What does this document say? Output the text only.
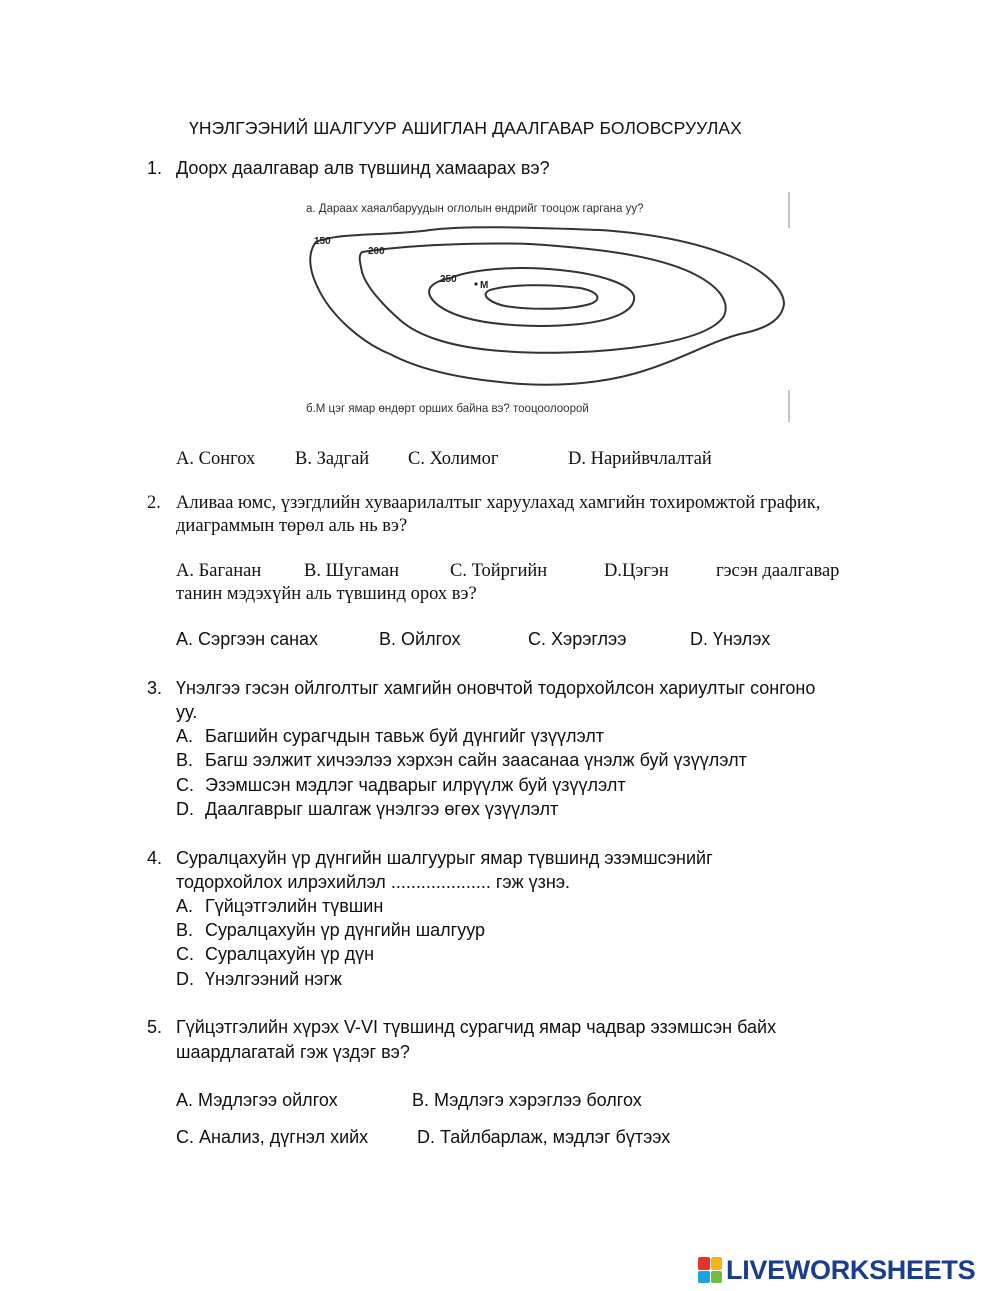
ҮНЭЛГЭЭНИЙ ШАЛГУУР АШИГЛАН ДААЛГАВАР БОЛОВСРУУЛАХ
1. Доорх даалгавар алв түвшинд хамаарах вэ?
а. Дараах хаяалбаруудын оглолын өндрийг тооцож гаргана уу?
б.М цэг ямар өндөрт орших байна вэ? тооцоолоорой
150
200
250
М
A. Сонгох B. Задгай C. Холимог	D. Нарийвчлалтай
2. Аливаа юмс, үзэгдлийн хуваарилалтыг харуулахад хамгийн тохиромжтой график,
диаграммын төрөл аль нь вэ?
A. Баганан B. Шугаман	C. Тойргийн	D.Цэгэн	гэсэн даалгавар
танин мэдэхүйн аль түвшинд орох вэ?
A. Сэргээн санах	B. Ойлгох	C. Хэрэглээ	D. Үнэлэх
3. Үнэлгээ гэсэн ойлголтыг хамгийн оновчтой тодорхойлсон хариултыг сонгоно
уу.
A. Багшийн сурагчдын тавьж буй дүнгийг үзүүлэлт
B. Багш ээлжит хичээлээ хэрхэн сайн заасанаа үнэлж буй үзүүлэлт
C. Эзэмшсэн мэдлэг чадварыг илрүүлж буй үзүүлэлт
D. Даалгаврыг шалгаж үнэлгээ өгөх үзүүлэлт
4. Суралцахуйн үр дүнгийн шалгуурыг ямар түвшинд эзэмшсэнийг
тодорхойлох илрэхийлэл .................... гэж үзнэ.
A. Гүйцэтгэлийн түвшин
B. Суралцахуйн үр дүнгийн шалгуур
C. Суралцахуйн үр дүн
D. Үнэлгээний нэгж
5. Гүйцэтгэлийн хүрэх V-VI түвшинд сурагчид ямар чадвар эзэмшсэн байх
шаардлагатай гэж үздэг вэ?
A. Мэдлэгээ ойлгох	B. Мэдлэгэ хэрэглээ болгох
C. Анализ, дүгнэл хийх	D. Тайлбарлаж, мэдлэг бүтээх
LIVEWORKSHEETS
